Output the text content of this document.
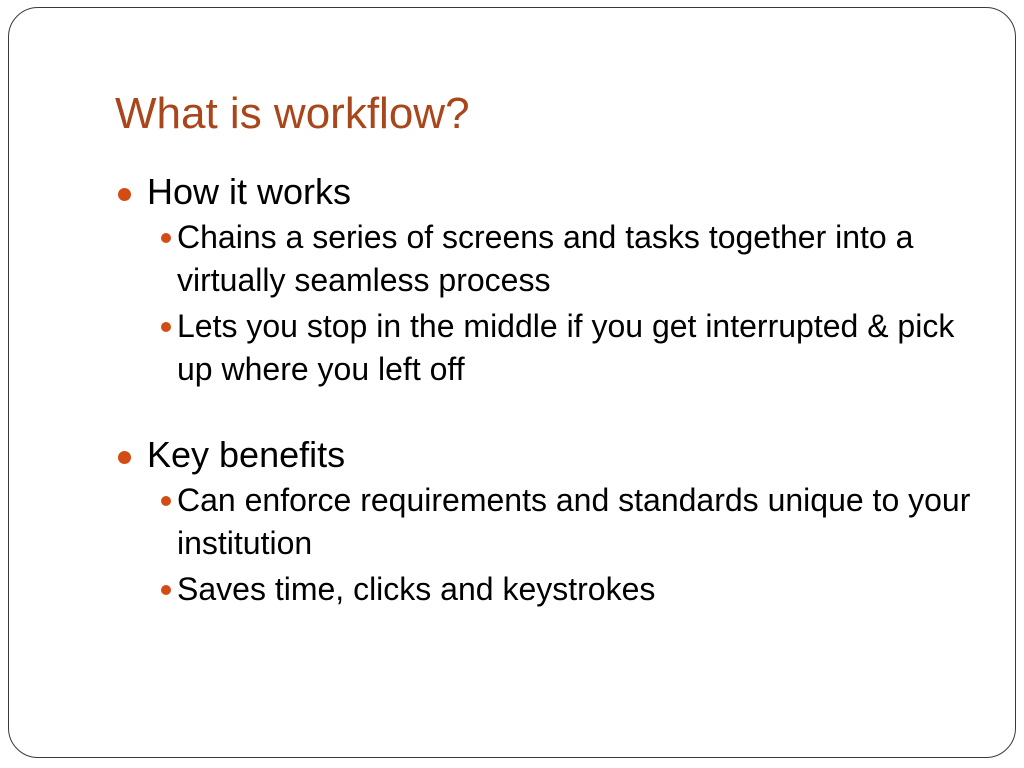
What is workflow?
How it works
Chains a series of screens and tasks together into a virtually seamless process
Lets you stop in the middle if you get interrupted & pick up where you left off
Key benefits
Can enforce requirements and standards unique to your institution
Saves time, clicks and keystrokes
